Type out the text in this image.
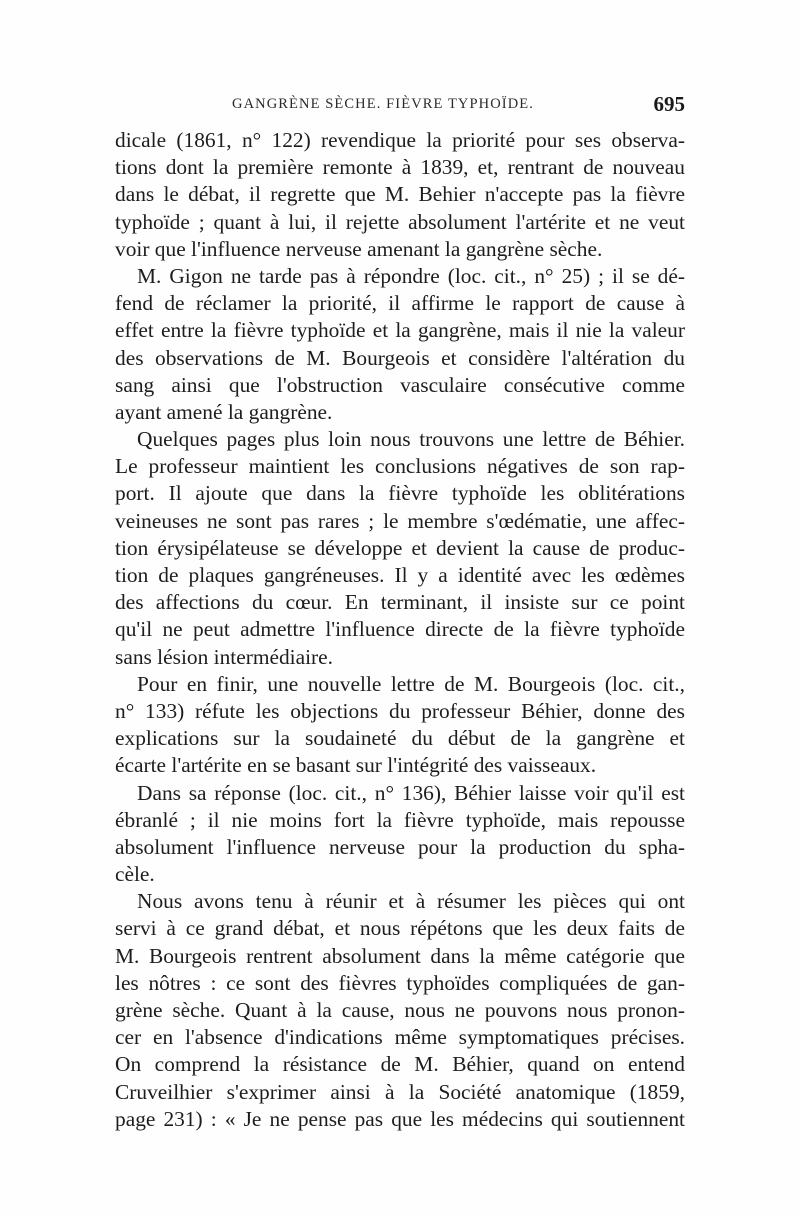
GANGRÈNE SÈCHE. FIÈVRE TYPHOÏDE.	695
dicale (1861, n° 122) revendique la priorité pour ses observa-
tions dont la première remonte à 1839, et, rentrant de nouveau
dans le débat, il regrette que M. Behier n'accepte pas la fièvre
typhoïde ; quant à lui, il rejette absolument l'artérite et ne veut
voir que l'influence nerveuse amenant la gangrène sèche.
M. Gigon ne tarde pas à répondre (loc. cit., n° 25) ; il se dé-
fend de réclamer la priorité, il affirme le rapport de cause à
effet entre la fièvre typhoïde et la gangrène, mais il nie la valeur
des observations de M. Bourgeois et considère l'altération du
sang ainsi que l'obstruction vasculaire consécutive comme
ayant amené la gangrène.
Quelques pages plus loin nous trouvons une lettre de Béhier.
Le professeur maintient les conclusions négatives de son rap-
port. Il ajoute que dans la fièvre typhoïde les oblitérations
veineuses ne sont pas rares ; le membre s'œdématie, une affec-
tion érysipélateuse se développe et devient la cause de produc-
tion de plaques gangréneuses. Il y a identité avec les œdèmes
des affections du cœur. En terminant, il insiste sur ce point
qu'il ne peut admettre l'influence directe de la fièvre typhoïde
sans lésion intermédiaire.
Pour en finir, une nouvelle lettre de M. Bourgeois (loc. cit.,
n° 133) réfute les objections du professeur Béhier, donne des
explications sur la soudaineté du début de la gangrène et
écarte l'artérite en se basant sur l'intégrité des vaisseaux.
Dans sa réponse (loc. cit., n° 136), Béhier laisse voir qu'il est
ébranlé ; il nie moins fort la fièvre typhoïde, mais repousse
absolument l'influence nerveuse pour la production du spha-
cèle.
Nous avons tenu à réunir et à résumer les pièces qui ont
servi à ce grand débat, et nous répétons que les deux faits de
M. Bourgeois rentrent absolument dans la même catégorie que
les nôtres : ce sont des fièvres typhoïdes compliquées de gan-
grène sèche. Quant à la cause, nous ne pouvons nous pronon-
cer en l'absence d'indications même symptomatiques précises.
On comprend la résistance de M. Béhier, quand on entend
Cruveilhier s'exprimer ainsi à la Société anatomique (1859,
page 231) : « Je ne pense pas que les médecins qui soutiennent
